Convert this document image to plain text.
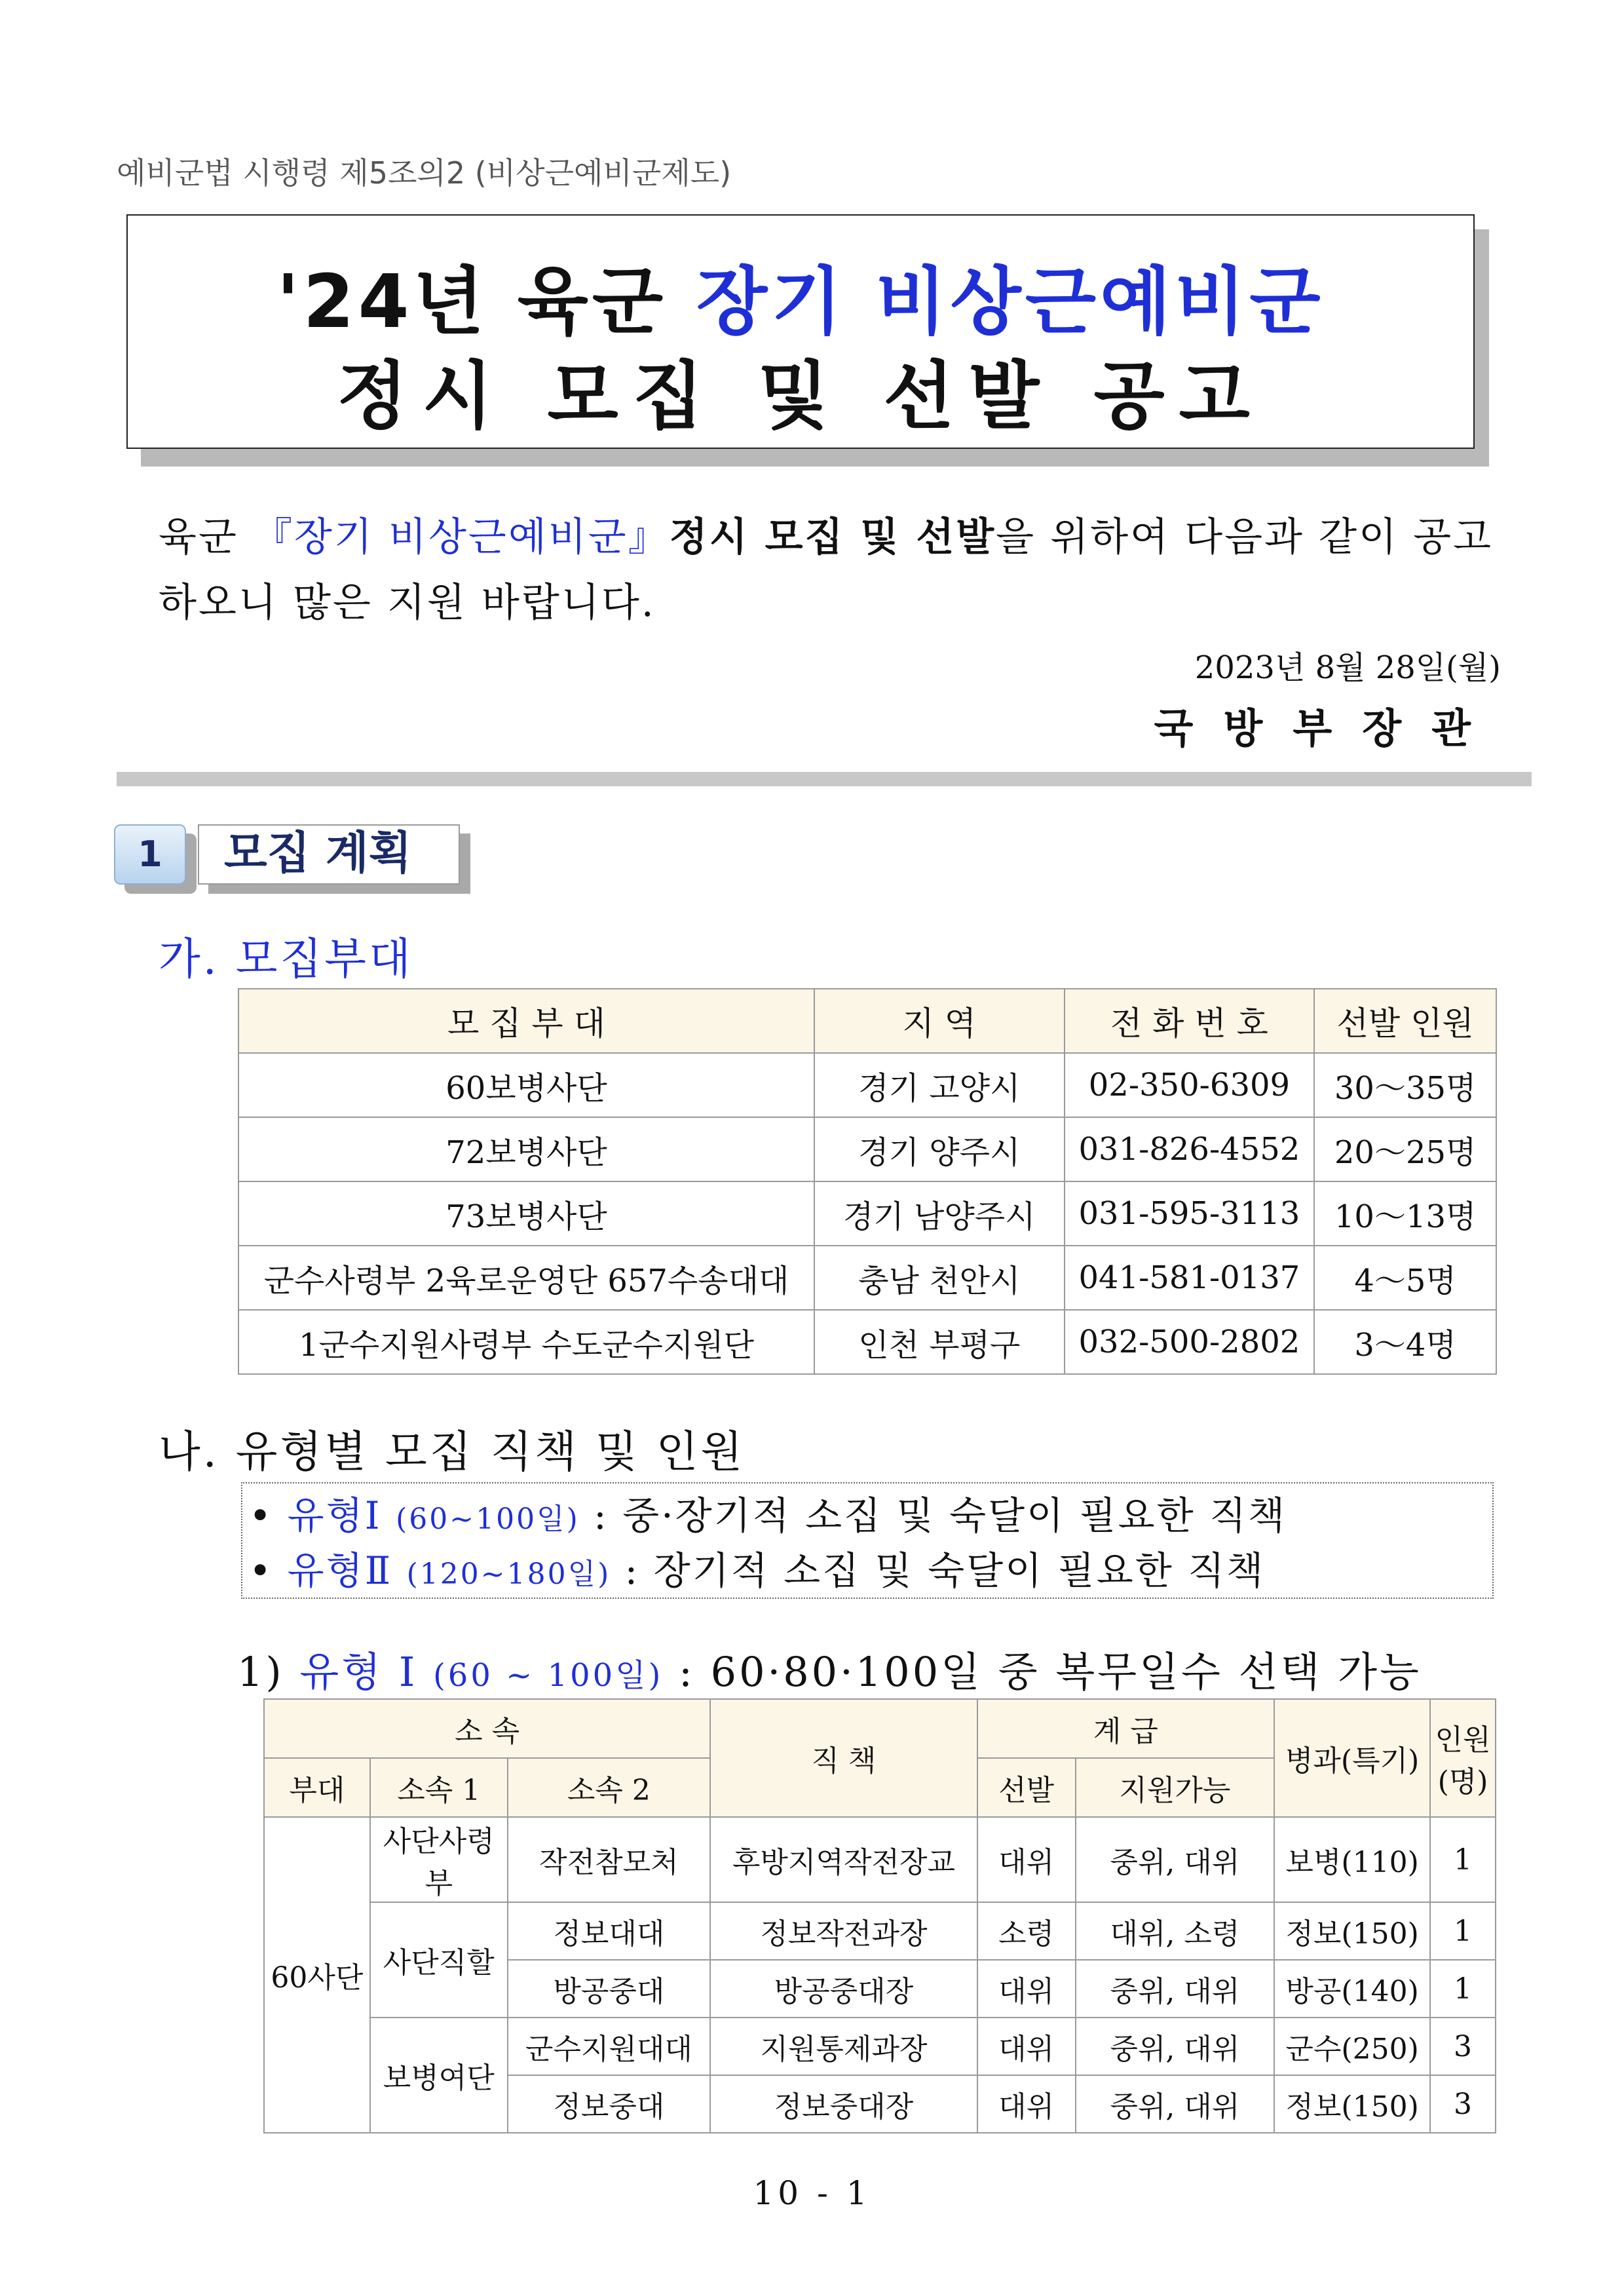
예비군법 시행령 제5조의2 (비상근예비군제도)
'24년 육군 장기 비상근예비군
정시 모집 및 선발 공고
육군 『장기 비상근예비군』정시 모집 및 선발을 위하여 다음과 같이 공고하오니 많은 지원 바랍니다.
2023년 8월 28일(월)
국방부장관
1	모집 계획
가. 모집부대
모 집 부 대	지 역	전 화 번 호	선발 인원
60보병사단	경기 고양시	02-350-6309	30～35명
72보병사단	경기 양주시	031-826-4552	20～25명
73보병사단	경기 남양주시	031-595-3113	10～13명
군수사령부 2육로운영단 657수송대대	충남 천안시	041-581-0137	4～5명
1군수지원사령부 수도군수지원단	인천 부평구	032-500-2802	3～4명
나. 유형별 모집 직책 및 인원
• 유형Ⅰ (60~100일) : 중·장기적 소집 및 숙달이 필요한 직책
• 유형Ⅱ (120~180일) : 장기적 소집 및 숙달이 필요한 직책
1) 유형 Ⅰ (60 ~ 100일) : 60·80·100일 중 복무일수 선택 가능
소 속			직 책	계 급		병과(특기)	인원(명)
부대	소속 1	소속 2		선발	지원가능		
60사단	사단사령부	작전참모처	후방지역작전장교	대위	중위, 대위	보병(110)	1
	사단직할	정보대대	정보작전과장	소령	대위, 소령	정보(150)	1
		방공중대	방공중대장	대위	중위, 대위	방공(140)	1
	보병여단	군수지원대대	지원통제과장	대위	중위, 대위	군수(250)	3
		정보중대	정보중대장	대위	중위, 대위	정보(150)	3
10 - 1
